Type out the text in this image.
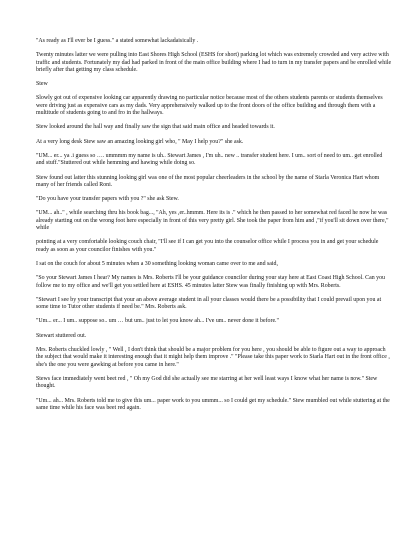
"As ready as I'll ever be I guess." a stated somewhat lackadaisically .

Twenty minutes latter we were pulling into East Shores High School (ESHS for short) parking lot which was extremely crowded and very active with traffic and students. Fortunately my dad had parked in front of the main office building where I had to turn in my transfer papers and be enrolled while briefly after that getting my class schedule.

Stew

Slowly got out of expensive looking car apparently drawing no particular notice because most of the others students parents or students themselves were driving just as expensive cars as my dads. Very apprehensively walked up to the front doors of the office building and through them with a multitude of students going to and fro in the hallways.

Stew looked around the hall way and finally saw the sign that said main office and headed towards it.

At a very long desk Stew saw an amazing looking girl who, " May I help you?" she ask.

"UM... er... ya .i guess so …. ummmm my name is uh.. Stewart James , I'm uh.. new .. transfer student here. I um.. sort of need to um.. get enrolled and stuff."Stuttered out while hemming and hawing while doing so.

Stew found out latter this stunning looking girl was one of the most popular cheerleaders in the school by the name of Starla Veronica Hart whom many of her friends called Roni.

"Do you have your transfer papers with you ?" she ask Stew.

"UM... ah.." , while searching thru his book bag..., "Ah, yes ,er..hmmm. Here its is ." which he then passed to her somewhat red faced he now he was already starting out on the wrong foot here especially in front of this very pretty girl. She took the paper from him and ,"if you'll sit down over there," while

pointing at a very comfortable looking couch chair, "I'll see if I can get you into the counselor office while I process you in and get your schedule ready as soon as your councilor finishes with you."

I sat on the couch for about 5 minutes when a 30 something looking woman came over to me and said,

"So your Stewart James I hear? My names is Mrs. Roberts I'll be your guidance councilor during your stay here at East Coast High School. Can you follow me to my office and we'll get you settled here at ESHS. 45 minutes latter Stew was finally finishing up with Mrs. Roberts.

"Stewart I see by your transcript that your an above average student in all your classes would there be a possibility that I could prevail upon you at some time to Tutor other students if need be." Mrs. Roberts ask.

"Um... er... I um.. suppose so.. um … but um.. just to let you know ah... I've um.. never done it before."

Stewart stuttered out.

Mrs. Roberts chuckled lowly , " Well , I don't think that should be a major problem for you here , you should be able to figure out a way to approach the subject that would make it interesting enough that it might help them improve ." "Please take this paper work to Starla Hart out in the front office , she's the one you were gawking at before you came in here."

Stews face immediately went beet red , " Oh my God did she actually see me starring at her well least ways I know what her name is now." Stew thought.

"Um... ah... Mrs. Roberts told me to give this um... paper work to you ummm... so I could get my schedule." Stew mumbled out while stuttering at the same time while his face was beet red again.
